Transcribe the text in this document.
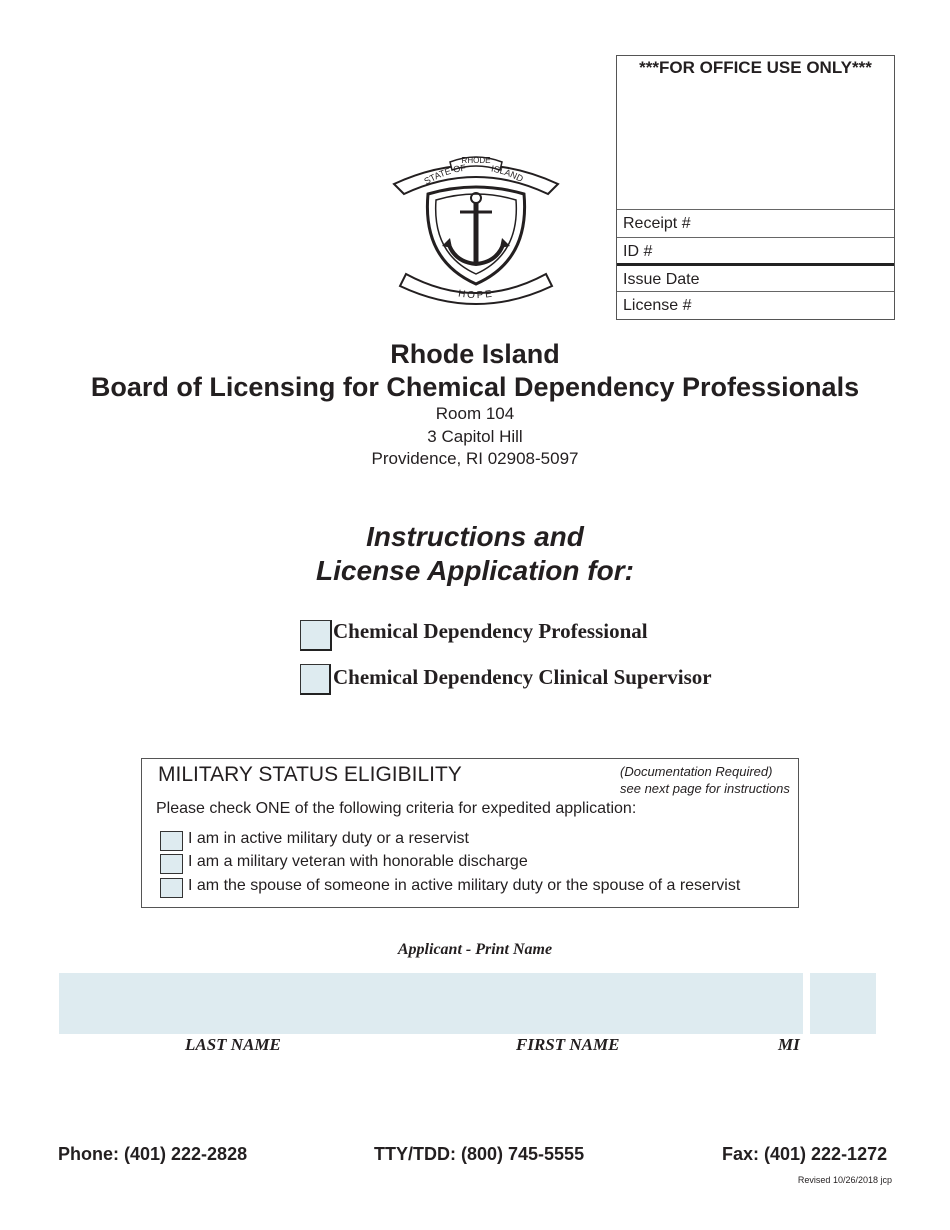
***FOR OFFICE USE ONLY***
Receipt #
ID #
Issue Date
License #
STATE OF	ISLAND
RHODE
HOPE
Rhode Island
Board of Licensing for Chemical Dependency Professionals
Room 104
3 Capitol Hill
Providence, RI 02908-5097
Instructions and
License Application for:
Chemical Dependency Professional
Chemical Dependency Clinical Supervisor
MILITARY STATUS ELIGIBILITY	(Documentation Required)
see next page for instructions
Please check ONE of the following criteria for expedited application:
I am in active military duty or a reservist
I am a military veteran with honorable discharge
I am the spouse of someone in active military duty or the spouse of a reservist
Applicant - Print Name
LAST NAME	FIRST NAME	MI
Phone: (401) 222-2828	TTY/TDD: (800) 745-5555	Fax: (401) 222-1272
Revised 10/26/2018 jcp
